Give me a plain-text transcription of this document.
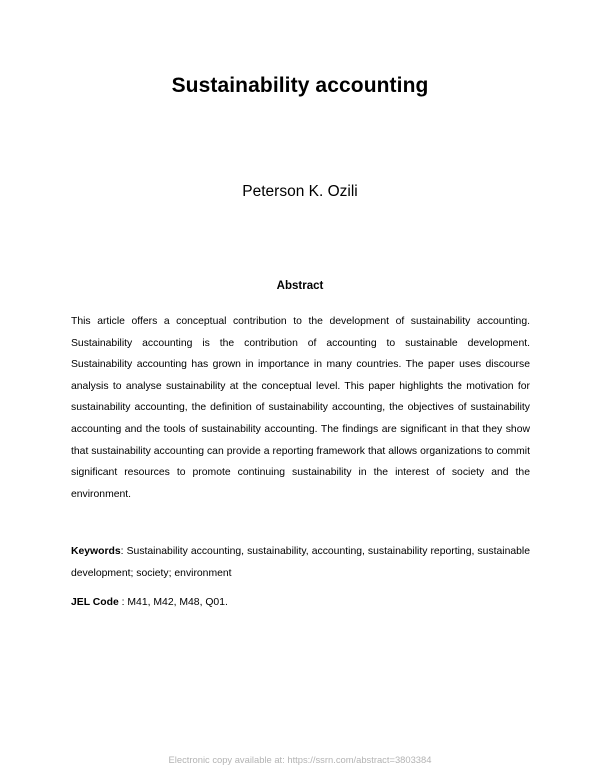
Sustainability accounting
Peterson K. Ozili
Abstract
This article offers a conceptual contribution to the development of sustainability accounting. Sustainability accounting is the contribution of accounting to sustainable development. Sustainability accounting has grown in importance in many countries. The paper uses discourse analysis to analyse sustainability at the conceptual level. This paper highlights the motivation for sustainability accounting, the definition of sustainability accounting, the objectives of sustainability accounting and the tools of sustainability accounting. The findings are significant in that they show that sustainability accounting can provide a reporting framework that allows organizations to commit significant resources to promote continuing sustainability in the interest of society and the environment.
Keywords: Sustainability accounting, sustainability, accounting, sustainability reporting, sustainable development; society; environment
JEL Code : M41, M42, M48, Q01.
Electronic copy available at: https://ssrn.com/abstract=3803384
